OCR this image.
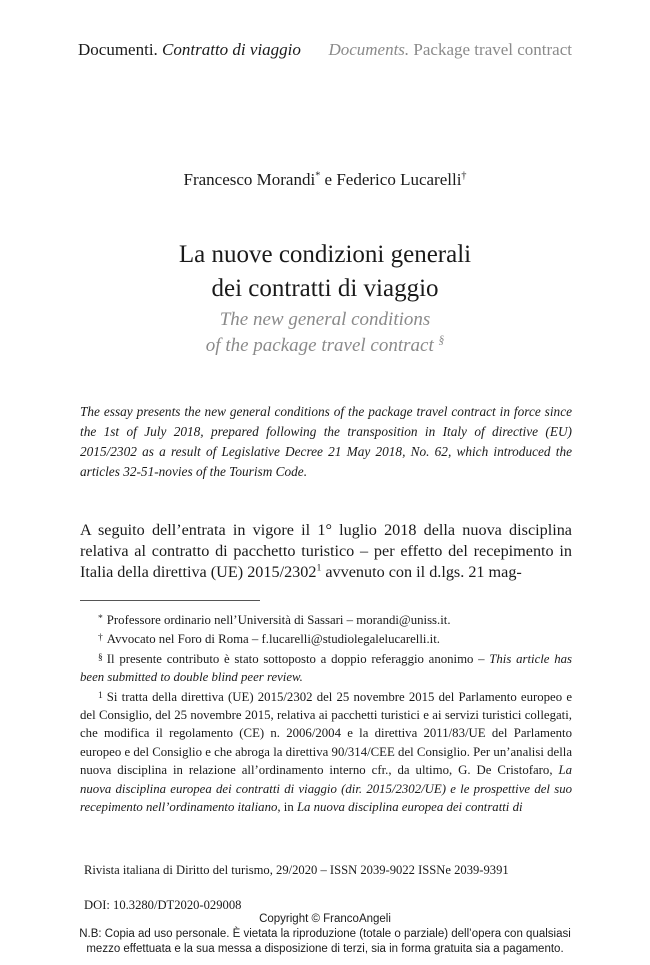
Documenti. Contratto di viaggio Documents. Package travel contract
Francesco Morandi* e Federico Lucarelli†
La nuove condizioni generali
dei contratti di viaggio
The new general conditions
of the package travel contract §

The essay presents the new general conditions of the package travel contract in force since the 1st of July 2018, prepared following the transposition in Italy of directive (EU) 2015/2302 as a result of Legislative Decree 21 May 2018, No. 62, which introduced the articles 32-51-novies of the Tourism Code.

A seguito dell’entrata in vigore il 1° luglio 2018 della nuova disciplina relativa al contratto di pacchetto turistico – per effetto del recepimento in Italia della direttiva (UE) 2015/2302$^1$ avvenuto con il d.lgs. 21 mag-

* Professore ordinario nell’Università di Sassari – morandi@uniss.it.

† Avvocato nel Foro di Roma – f.lucarelli@studiolegalelucarelli.it.

§ Il presente contributo è stato sottoposto a doppio referaggio anonimo – This article has been submitted to double blind peer review.

$^1$ Si tratta della direttiva (UE) 2015/2302 del 25 novembre 2015 del Parlamento europeo e del Consiglio, del 25 novembre 2015, relativa ai pacchetti turistici e ai servizi turistici collegati, che modifica il regolamento (CE) n. 2006/2004 e la direttiva 2011/83/UE del Parlamento europeo e del Consiglio e che abroga la direttiva 90/314/CEE del Consiglio. Per un’analisi della nuova disciplina in relazione all’ordinamento interno cfr., da ultimo, G. De Cristofaro, La nuova disciplina europea dei contratti di viaggio (dir. 2015/2302/UE) e le prospettive del suo recepimento nell’ordinamento italiano, in La nuova disciplina europea dei contratti di

Rivista italiana di Diritto del turismo, 29/2020 – ISSN 2039-9022 ISSNe 2039-9391
DOI: 10.3280/DT2020-029008
Copyright © FrancoAngeli
N.B: Copia ad uso personale. È vietata la riproduzione (totale o parziale) dell’opera con qualsiasi
mezzo effettuata e la sua messa a disposizione di terzi, sia in forma gratuita sia a pagamento.
